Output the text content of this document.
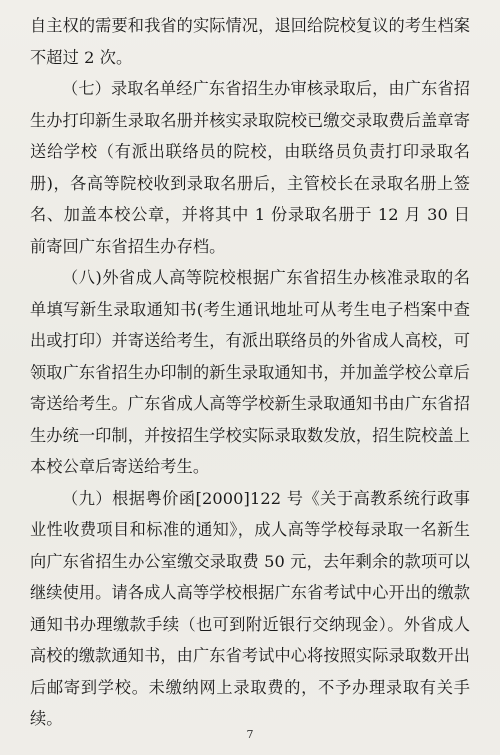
自主权的需要和我省的实际情况，退回给院校复议的考生档案不超过 2 次。

（七）录取名单经广东省招生办审核录取后，由广东省招生办打印新生录取名册并核实录取院校已缴交录取费后盖章寄送给学校（有派出联络员的院校，由联络员负责打印录取名册)，各高等院校收到录取名册后，主管校长在录取名册上签名、加盖本校公章，并将其中 1 份录取名册于 12 月 30 日前寄回广东省招生办存档。

（八)外省成人高等院校根据广东省招生办核准录取的名单填写新生录取通知书(考生通讯地址可从考生电子档案中查出或打印）并寄送给考生，有派出联络员的外省成人高校，可领取广东省招生办印制的新生录取通知书，并加盖学校公章后寄送给考生。广东省成人高等学校新生录取通知书由广东省招生办统一印制，并按招生学校实际录取数发放，招生院校盖上本校公章后寄送给考生。

（九）根据粤价函[2000]122 号《关于高教系统行政事业性收费项目和标准的通知》，成人高等学校每录取一名新生向广东省招生办公室缴交录取费 50 元，去年剩余的款项可以继续使用。请各成人高等学校根据广东省考试中心开出的缴款通知书办理缴款手续（也可到附近银行交纳现金）。外省成人高校的缴款通知书，由广东省考试中心将按照实际录取数开出后邮寄到学校。未缴纳网上录取费的，不予办理录取有关手续。

7
